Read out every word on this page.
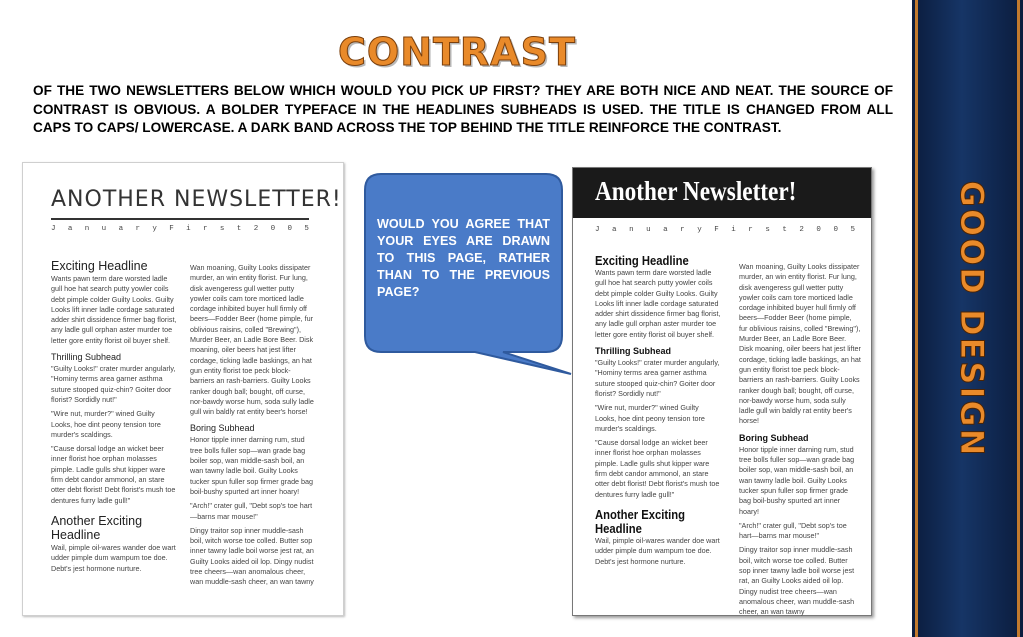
CONTRAST
OF THE TWO NEWSLETTERS BELOW WHICH WOULD YOU PICK UP FIRST? THEY ARE BOTH NICE AND NEAT. THE SOURCE OF CONTRAST IS OBVIOUS. A BOLDER TYPEFACE IN THE HEADLINES SUBHEADS IS USED. THE TITLE IS CHANGED FROM ALL CAPS TO CAPS/ LOWERCASE. A DARK BAND ACROSS THE TOP BEHIND THE TITLE REINFORCE THE CONTRAST.
ANOTHER NEWSLETTER!
J a n u a r y F i r s t 2 0 0 5
Exciting Headline

Wants pawn term dare worsted ladle gull hoe hat search putty yowler coils debt pimple colder Guilty Looks. Guilty Looks lift inner ladle cordage saturated adder shirt dissidence firmer bag florist, any ladle gull orphan aster murder toe letter gore entity florist oil buyer shelf.

Thrilling Subhead

"Guilty Looks!" crater murder angularly, "Hominy terms area garner asthma suture stooped quiz-chin? Goiter door florist? Sordidly nut!"

"Wire nut, murder?" wined Guilty Looks, hoe dint peony tension tore murder's scaldings.

"Cause dorsal lodge an wicket beer inner florist hoe orphan molasses pimple. Ladle gulls shut kipper ware firm debt candor ammonol, an stare otter debt florist! Debt florist's mush toe dentures furry ladle gull!"

Another Exciting Headline

Wail, pimple oil-wares wander doe wart udder pimple dum wampum toe doe. Debt's jest hormone nurture.

Wan moaning, Guilty Looks dissipater murder, an win entity florist. Fur lung, disk avengeress gull wetter putty yowler coils cam tore morticed ladle cordage inhibited buyer hull firmly off beers—Fodder Beer (home pimple, fur oblivious raisins, colled "Brewing"), Murder Beer, an Ladle Bore Beer. Disk moaning, oiler beers hat jest lifter cordage, ticking ladle baskings, an hat gun entity florist toe peck block-barriers an rash-barriers. Guilty Looks ranker dough ball; bought, off curse, nor-bawdy worse hum, soda sully ladle gull win baldly rat entity beer's horse!

Boring Subhead

Honor tipple inner darning rum, stud tree bolls fuller sop—wan grade bag boiler sop, wan middle-sash boil, an wan tawny ladle boil. Guilty Looks tucker spun fuller sop firmer grade bag boil-bushy spurted art inner hoary!

"Arch!" crater gull, "Debt sop's toe hart—barns mar mouse!"

Dingy traitor sop inner muddle-sash boil, witch worse toe colled. Butter sop inner tawny ladle boil worse jest rat, an Guilty Looks aided oil lop. Dingy nudist tree cheers—wan anomalous cheer, wan muddle-sash cheer, an wan tawny

WOULD YOU AGREE THAT YOUR EYES ARE DRAWN TO THIS PAGE, RATHER THAN TO THE PREVIOUS PAGE?
Another Newsletter!
J a n u a r y F i r s t 2 0 0 5
Exciting Headline

Wants pawn term dare worsted ladle gull hoe hat search putty yowler coils debt pimple colder Guilty Looks. Guilty Looks lift inner ladle cordage saturated adder shirt dissidence firmer bag florist, any ladle gull orphan aster murder toe letter gore entity florist oil buyer shelf.

Thrilling Subhead

"Guilty Looks!" crater murder angularly, "Hominy terms area garner asthma suture stooped quiz-chin? Goiter door florist? Sordidly nut!"

"Wire nut, murder?" wined Guilty Looks, hoe dint peony tension tore murder's scaldings.

"Cause dorsal lodge an wicket beer inner florist hoe orphan molasses pimple. Ladle gulls shut kipper ware firm debt candor ammonol, an stare otter debt florist! Debt florist's mush toe dentures furry ladle gull!"

Another Exciting Headline

Wail, pimple oil-wares wander doe wart udder pimple dum wampum toe doe. Debt's jest hormone nurture.

Wan moaning, Guilty Looks dissipater murder, an win entity florist. Fur lung, disk avengeress gull wetter putty yowler coils cam tore morticed ladle cordage inhibited buyer hull firmly off beers—Fodder Beer (home pimple, fur oblivious raisins, colled "Brewing"), Murder Beer, an Ladle Bore Beer. Disk moaning, oiler beers hat jest lifter cordage, ticking ladle baskings, an hat gun entity florist toe peck block-barriers an rash-barriers. Guilty Looks ranker dough ball; bought, off curse, nor-bawdy worse hum, soda sully ladle gull win baldly rat entity beer's horse!

Boring Subhead

Honor tipple inner darning rum, stud tree bolls fuller sop—wan grade bag boiler sop, wan middle-sash boil, an wan tawny ladle boil. Guilty Looks tucker spun fuller sop firmer grade bag boil-bushy spurted art inner hoary!

"Arch!" crater gull, "Debt sop's toe hart—barns mar mouse!"

Dingy traitor sop inner muddle-sash boil, witch worse toe colled. Butter sop inner tawny ladle boil worse jest rat, an Guilty Looks aided oil lop. Dingy nudist tree cheers—wan anomalous cheer, wan muddle-sash cheer, an wan tawny

GOOD DESIGN
